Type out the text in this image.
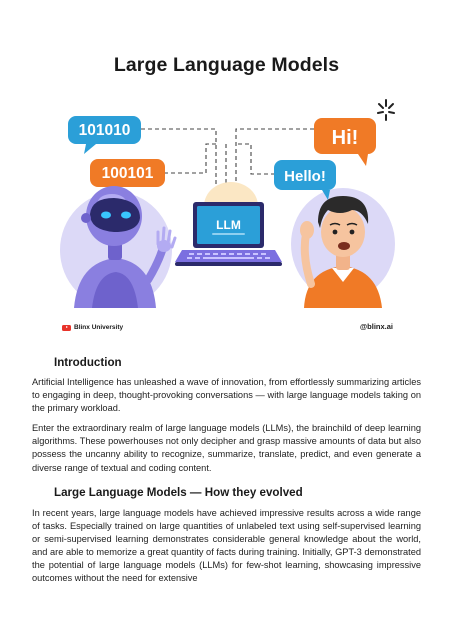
Large Language Models
101010
100101
Hi!
Hello!
LLM
Blinx University	@blinx.ai
Introduction

Artificial Intelligence has unleashed a wave of innovation, from effortlessly summarizing articles to engaging in deep, thought-provoking conversations — with large language models taking on the primary workload.

Enter the extraordinary realm of large language models (LLMs), the brainchild of deep learning algorithms. These powerhouses not only decipher and grasp massive amounts of data but also possess the uncanny ability to recognize, summarize, translate, predict, and even generate a diverse range of textual and coding content.

Large Language Models — How they evolved

In recent years, large language models have achieved impressive results across a wide range of tasks. Especially trained on large quantities of unlabeled text using self-supervised learning or semi-supervised learning demonstrates considerable general knowledge about the world, and are able to memorize a great quantity of facts during training. Initially, GPT-3 demonstrated the potential of large language models (LLMs) for few-shot learning, showcasing impressive outcomes without the need for extensive
